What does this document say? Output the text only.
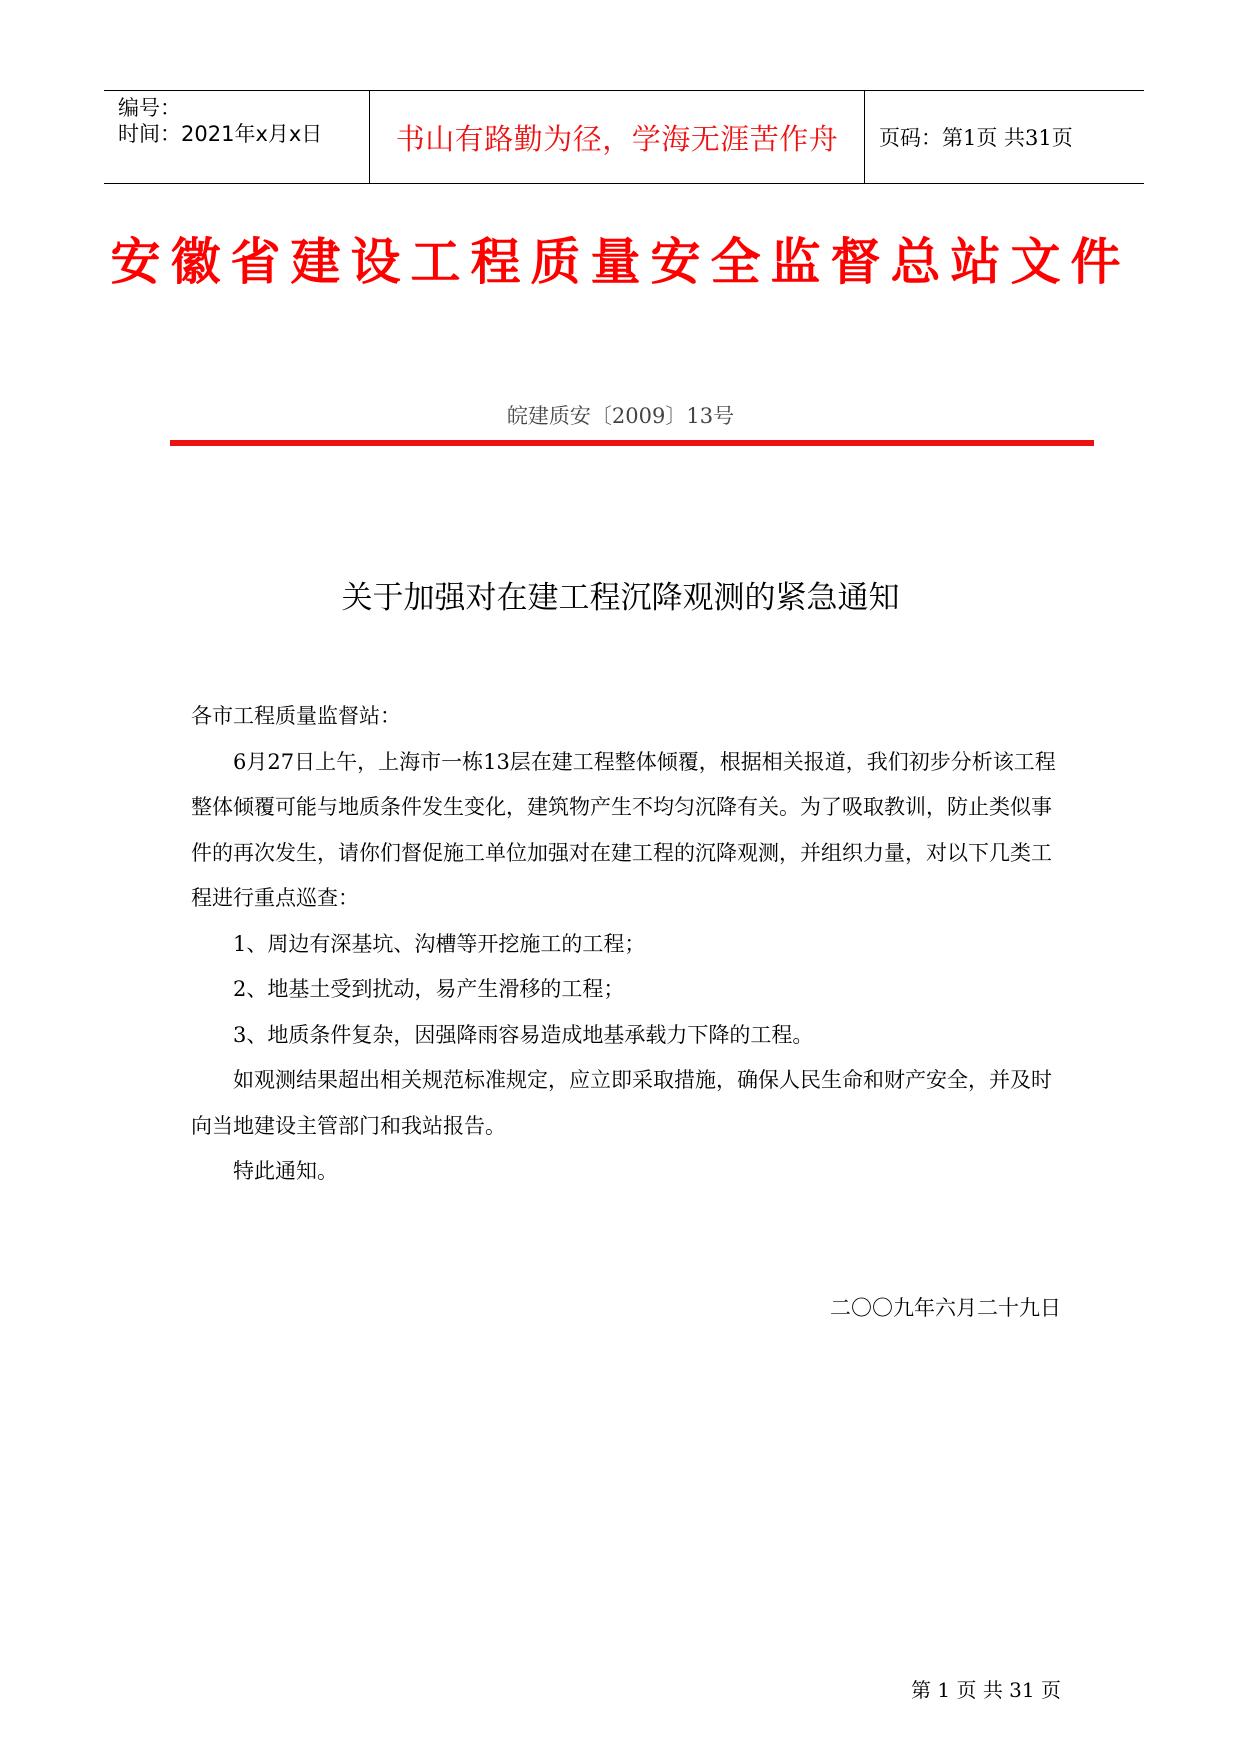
编号：
时间：2021年x月x日	书山有路勤为径，学海无涯苦作舟	页码：第1页 共31页
安徽省建设工程质量安全监督总站文件
皖建质安〔2009〕13号
关于加强对在建工程沉降观测的紧急通知

各市工程质量监督站：

6月27日上午，上海市一栋13层在建工程整体倾覆，根据相关报道，我们初步分析该工程整体倾覆可能与地质条件发生变化，建筑物产生不均匀沉降有关。为了吸取教训，防止类似事件的再次发生，请你们督促施工单位加强对在建工程的沉降观测，并组织力量，对以下几类工程进行重点巡查：

1、周边有深基坑、沟槽等开挖施工的工程；

2、地基土受到扰动，易产生滑移的工程；

3、地质条件复杂，因强降雨容易造成地基承载力下降的工程。

如观测结果超出相关规范标准规定，应立即采取措施，确保人民生命和财产安全，并及时向当地建设主管部门和我站报告。

特此通知。

二〇〇九年六月二十九日
第 1 页 共 31 页
